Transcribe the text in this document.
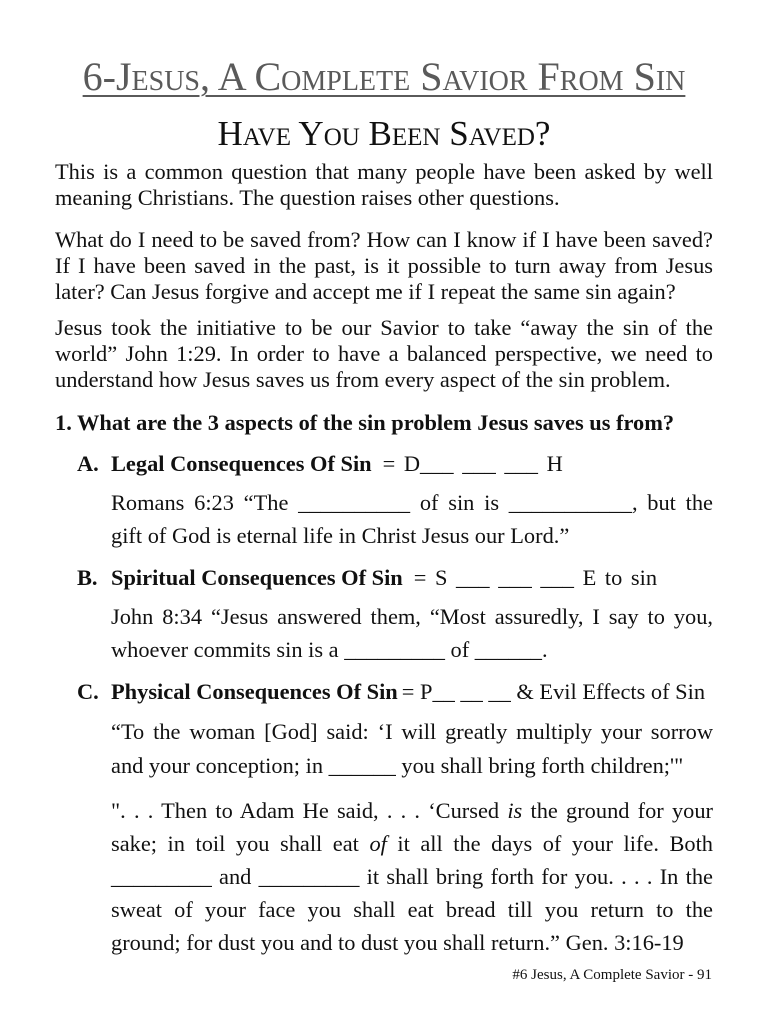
6-Jesus, A Complete Savior From Sin
Have You Been Saved?
This is a common question that many people have been asked by well
meaning Christians. The question raises other questions.
What do I need to be saved from? How can I know if I have been saved?
If I have been saved in the past, is it possible to turn away from Jesus
later? Can Jesus forgive and accept me if I repeat the same sin again?
Jesus took the initiative to be our Savior to take “away the sin of the
world” John 1:29. In order to have a balanced perspective, we need to
understand how Jesus saves us from every aspect of the sin problem.
1. What are the 3 aspects of the sin problem Jesus saves us from?
A. Legal Consequences Of Sin = D___ ___ ___ H
Romans 6:23 “The __________ of sin is ___________, but the
gift of God is eternal life in Christ Jesus our Lord.”
B. Spiritual Consequences Of Sin = S ___ ___ ___ E to sin
John 8:34 “Jesus answered them, “Most assuredly, I say to you,
whoever commits sin is a _________ of ______.
C. Physical Consequences Of Sin = P__ __ __ & Evil Effects of Sin
“To the woman [God] said: ‘I will greatly multiply your sorrow
and your conception; in ______ you shall bring forth children;'"
". . . Then to Adam He said, . . . ‘Cursed is the ground for your
sake; in toil you shall eat of it all the days of your life. Both
_________ and _________ it shall bring forth for you. . . . In the
sweat of your face you shall eat bread till you return to the
ground; for dust you and to dust you shall return.” Gen. 3:16-19
#6 Jesus, A Complete Savior - 91
